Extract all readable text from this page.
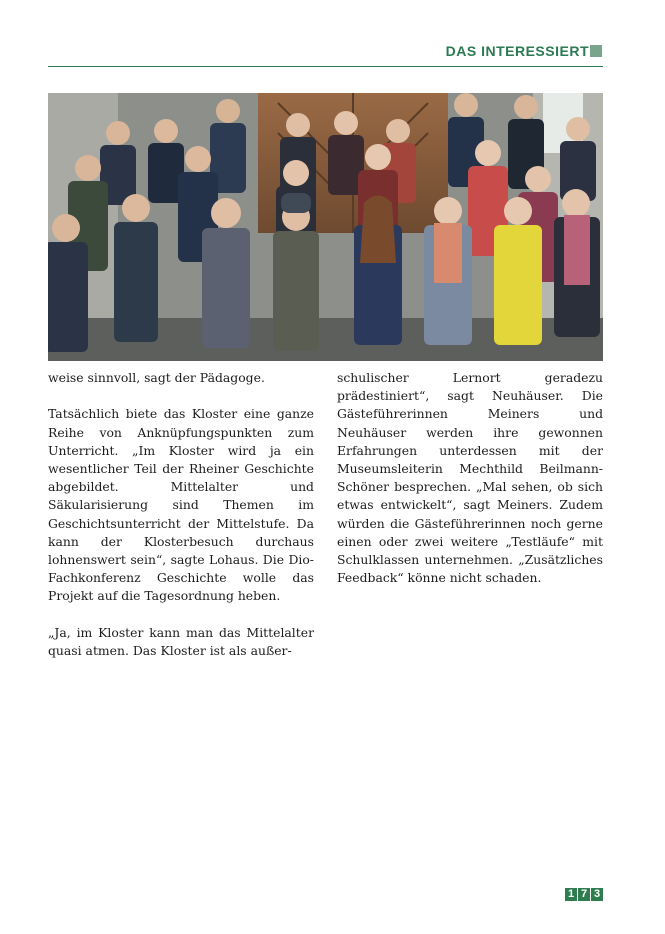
DAS INTERESSIERT

weise sinnvoll, sagt der Pädagoge.

Tatsächlich biete das Kloster eine ganze Reihe von Anknüpfungspunkten zum Unterricht. „Im Kloster wird ja ein wesentlicher Teil der Rheiner Geschichte abgebildet. Mittelalter und Säkularisierung sind Themen im Geschichtsunterricht der Mittelstufe. Da kann der Klosterbesuch durchaus lohnenswert sein“, sagte Lohaus. Die Dio-Fachkonferenz Geschichte wolle das Projekt auf die Tagesordnung heben.

„Ja, im Kloster kann man das Mittelalter quasi atmen. Das Kloster ist als außer-

schulischer Lernort geradezu prädestiniert“, sagt Neuhäuser. Die Gästeführerinnen Meiners und Neuhäuser werden ihre gewonnen Erfahrungen unterdessen mit der Museumsleiterin Mechthild Beilmann-Schöner besprechen. „Mal sehen, ob sich etwas entwickelt“, sagt Meiners. Zudem würden die Gästeführerinnen noch gerne einen oder zwei weitere „Testläufe“ mit Schulklassen unternehmen. „Zusätzliches Feedback“ könne nicht schaden.

1 7 3
